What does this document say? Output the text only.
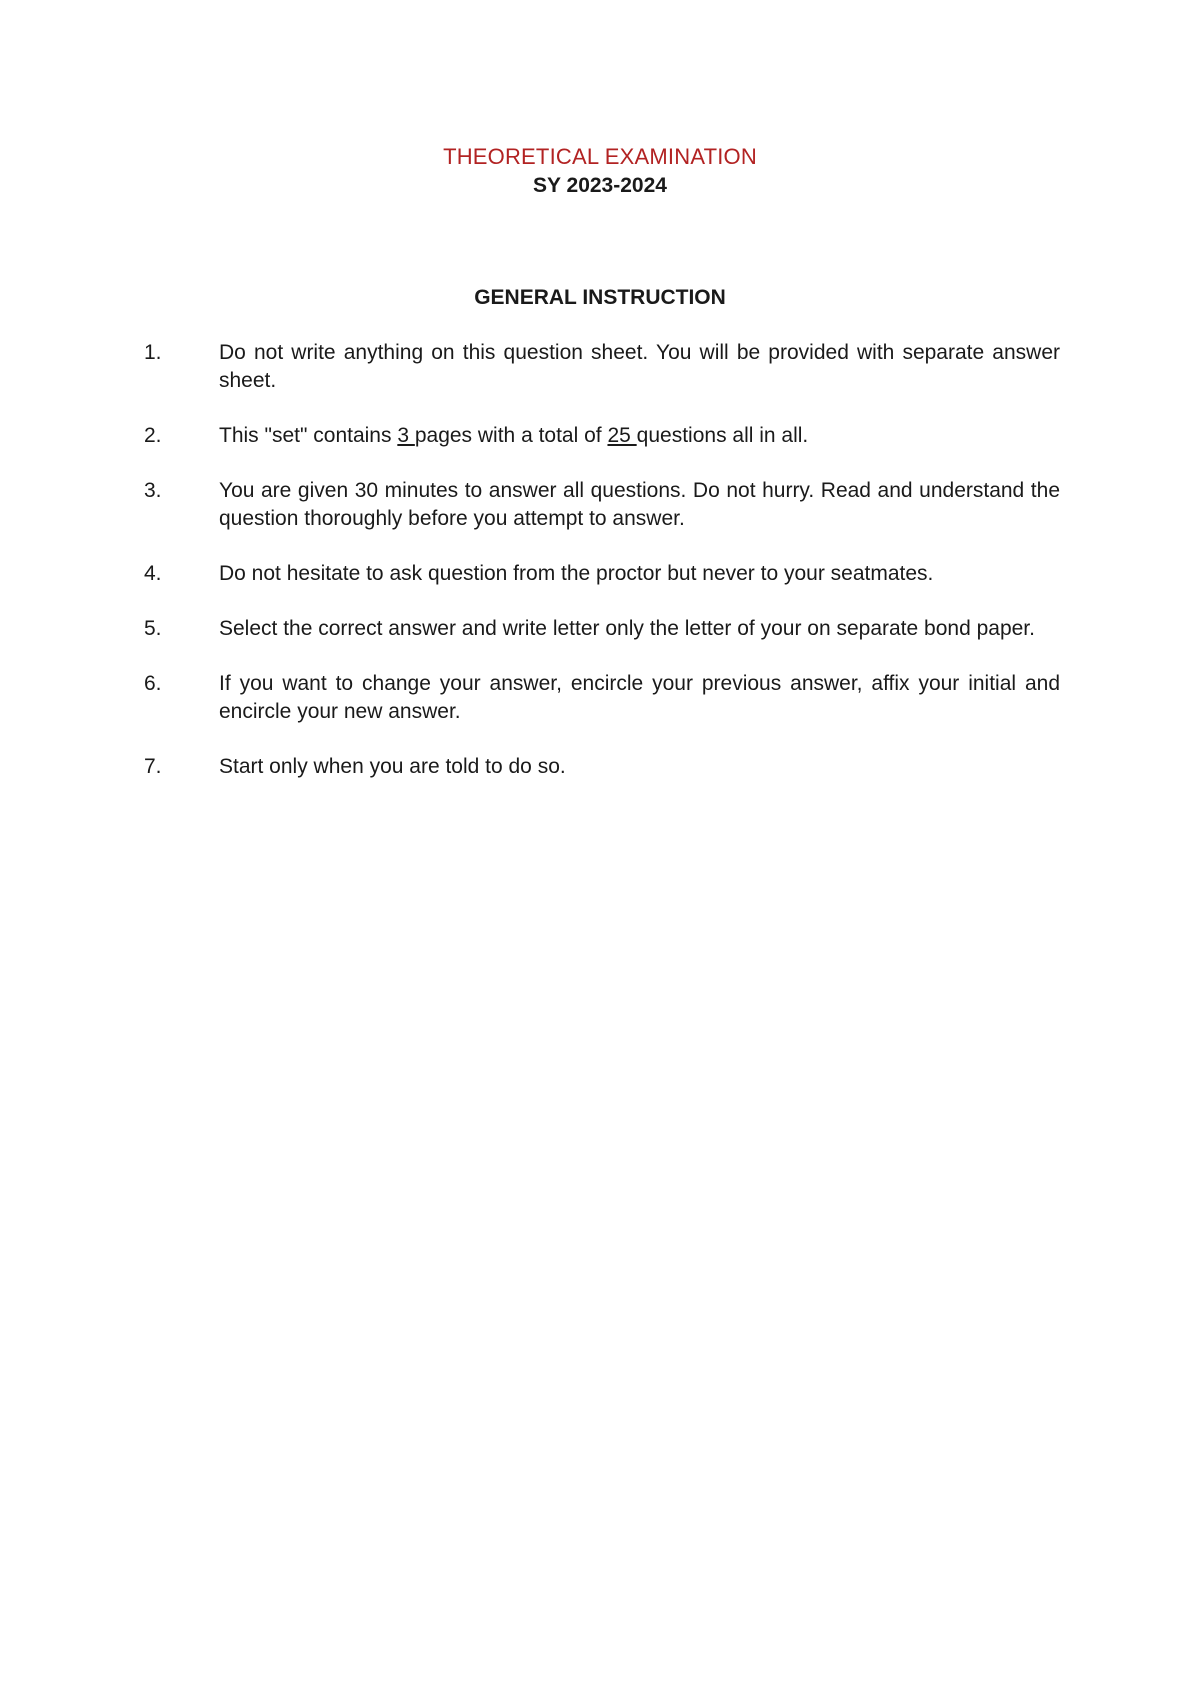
THEORETICAL EXAMINATION
SY 2023-2024
GENERAL INSTRUCTION
1.	Do not write anything on this question sheet. You will be provided with separate answer sheet.
2.	This "set" contains 3 pages with a total of 25 questions all in all.
3.	You are given 30 minutes to answer all questions. Do not hurry. Read and understand the question thoroughly before you attempt to answer.
4.	Do not hesitate to ask question from the proctor but never to your seatmates.
5.	Select the correct answer and write letter only the letter of your on separate bond paper.
6.	If you want to change your answer, encircle your previous answer, affix your initial and encircle your new answer.
7.	Start only when you are told to do so.
